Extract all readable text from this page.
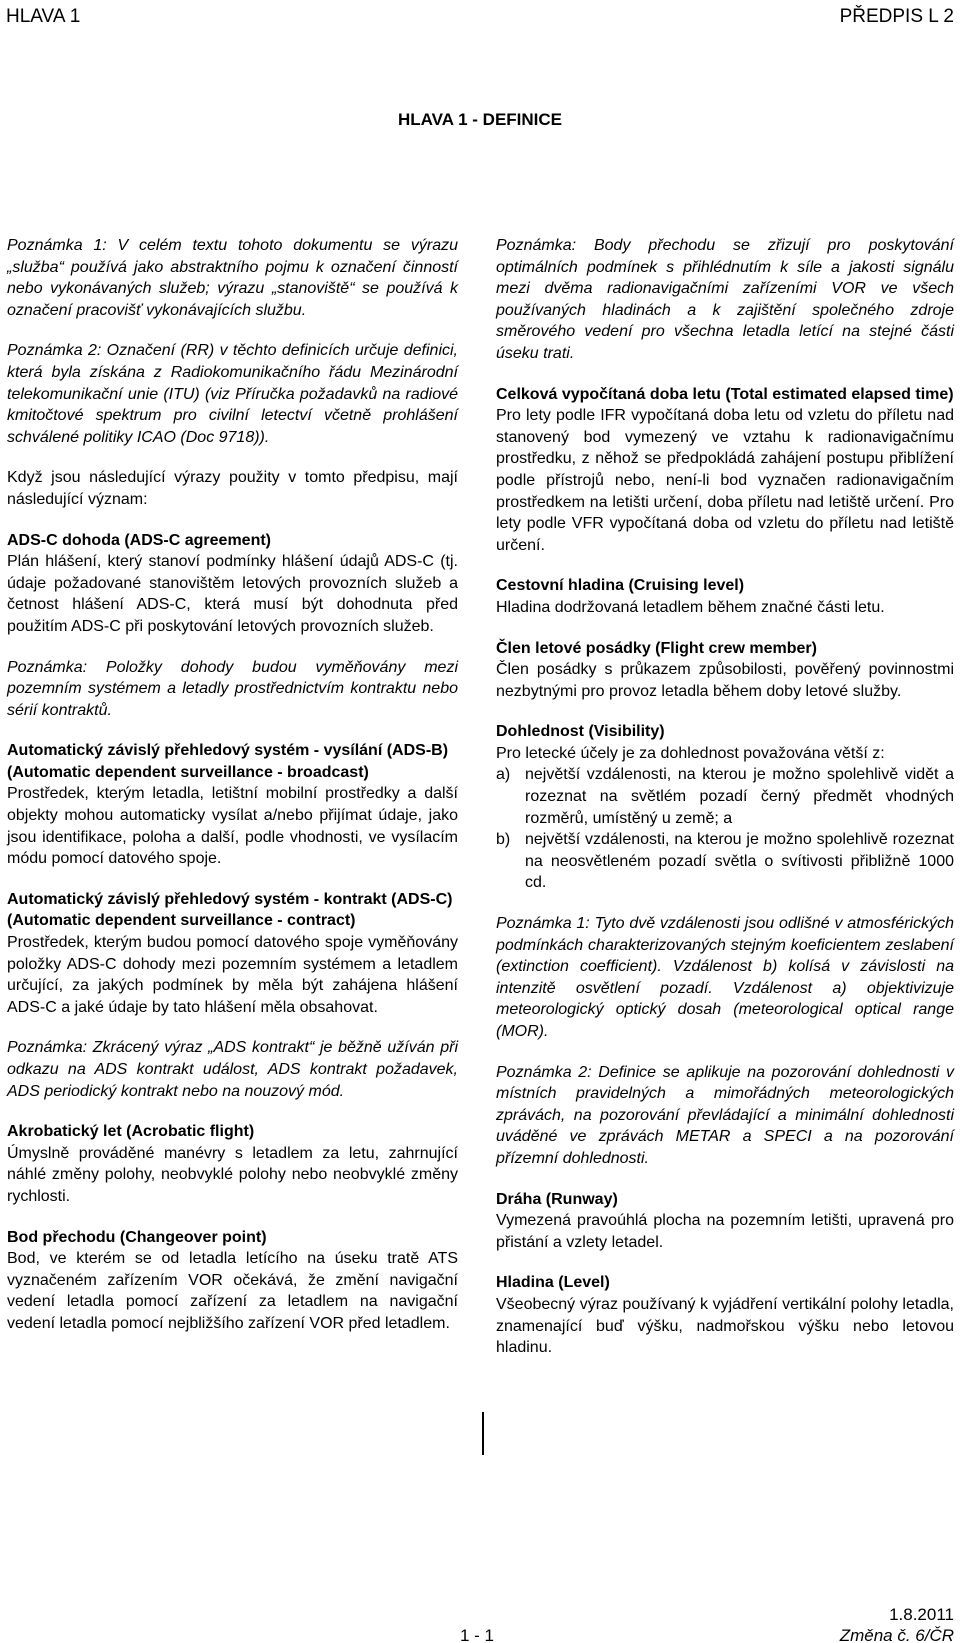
HLAVA 1	PŘEDPIS L 2
HLAVA 1 - DEFINICE

Poznámka 1: V celém textu tohoto dokumentu se výrazu „služba“ používá jako abstraktního pojmu k označení činností nebo vykonávaných služeb; výrazu „stanoviště“ se používá k označení pracovišť vykonávajících službu.

Poznámka 2: Označení (RR) v těchto definicích určuje definici, která byla získána z Radiokomunikačního řádu Mezinárodní telekomunikační unie (ITU) (viz Příručka požadavků na radiové kmitočtové spektrum pro civilní letectví včetně prohlášení schválené politiky ICAO (Doc 9718)).

Když jsou následující výrazy použity v tomto předpisu, mají následující význam:

ADS-C dohoda (ADS-C agreement)
Plán hlášení, který stanoví podmínky hlášení údajů ADS-C (tj. údaje požadované stanovištěm letových provozních služeb a četnost hlášení ADS-C, která musí být dohodnuta před použitím ADS-C při poskytování letových provozních služeb.

Poznámka: Položky dohody budou vyměňovány mezi pozemním systémem a letadly prostřednictvím kontraktu nebo sérií kontraktů.

Automatický závislý přehledový systém - vysílání (ADS-B) (Automatic dependent surveillance - broadcast)
Prostředek, kterým letadla, letištní mobilní prostředky a další objekty mohou automaticky vysílat a/nebo přijímat údaje, jako jsou identifikace, poloha a další, podle vhodnosti, ve vysílacím módu pomocí datového spoje.
Automatický závislý přehledový systém - kontrakt (ADS-C) (Automatic dependent surveillance - contract)
Prostředek, kterým budou pomocí datového spoje vyměňovány položky ADS-C dohody mezi pozemním systémem a letadlem určující, za jakých podmínek by měla být zahájena hlášení ADS-C a jaké údaje by tato hlášení měla obsahovat.

Poznámka: Zkrácený výraz „ADS kontrakt“ je běžně užíván při odkazu na ADS kontrakt událost, ADS kontrakt požadavek, ADS periodický kontrakt nebo na nouzový mód.

Akrobatický let (Acrobatic flight)
Úmyslně prováděné manévry s letadlem za letu, zahrnující náhlé změny polohy, neobvyklé polohy nebo neobvyklé změny rychlosti.
Bod přechodu (Changeover point)
Bod, ve kterém se od letadla letícího na úseku tratě ATS vyznačeném zařízením VOR očekává, že změní navigační vedení letadla pomocí zařízení za letadlem na navigační vedení letadla pomocí nejbližšího zařízení VOR před letadlem.

Poznámka: Body přechodu se zřizují pro poskytování optimálních podmínek s přihlédnutím k síle a jakosti signálu mezi dvěma radionavigačními zařízeními VOR ve všech používaných hladinách a k zajištění společného zdroje směrového vedení pro všechna letadla letící na stejné části úseku trati.

Celková vypočítaná doba letu (Total estimated elapsed time)
Pro lety podle IFR vypočítaná doba letu od vzletu do příletu nad stanovený bod vymezený ve vztahu k radionavigačnímu prostředku, z něhož se předpokládá zahájení postupu přiblížení podle přístrojů nebo, není-li bod vyznačen radionavigačním prostředkem na letišti určení, doba příletu nad letiště určení. Pro lety podle VFR vypočítaná doba od vzletu do příletu nad letiště určení.
Cestovní hladina (Cruising level)
Hladina dodržovaná letadlem během značné části letu.
Člen letové posádky (Flight crew member)
Člen posádky s průkazem způsobilosti, pověřený povinnostmi nezbytnými pro provoz letadla během doby letové služby.
Dohlednost (Visibility)
Pro letecké účely je za dohlednost považována větší z:
a) největší vzdálenosti, na kterou je možno spolehlivě vidět a rozeznat na světlém pozadí černý předmět vhodných rozměrů, umístěný u země; a
b) největší vzdálenosti, na kterou je možno spolehlivě rozeznat na neosvětleném pozadí světla o svítivosti přibližně 1000 cd.

Poznámka 1: Tyto dvě vzdálenosti jsou odlišné v atmosférických podmínkách charakterizovaných stejným koeficientem zeslabení (extinction coefficient). Vzdálenost b) kolísá v závislosti na intenzitě osvětlení pozadí. Vzdálenost a) objektivizuje meteorologický optický dosah (meteorological optical range (MOR).

Poznámka 2: Definice se aplikuje na pozorování dohlednosti v místních pravidelných a mimořádných meteorologických zprávách, na pozorování převládající a minimální dohlednosti uváděné ve zprávách METAR a SPECI a na pozorování přízemní dohlednosti.

Dráha (Runway)
Vymezená pravoúhlá plocha na pozemním letišti, upravená pro přistání a vzlety letadel.
Hladina (Level)
Všeobecný výraz používaný k vyjádření vertikální polohy letadla, znamenající buď výšku, nadmořskou výšku nebo letovou hladinu.
1.8.2011
1 - 1	Změna č. 6/ČR
